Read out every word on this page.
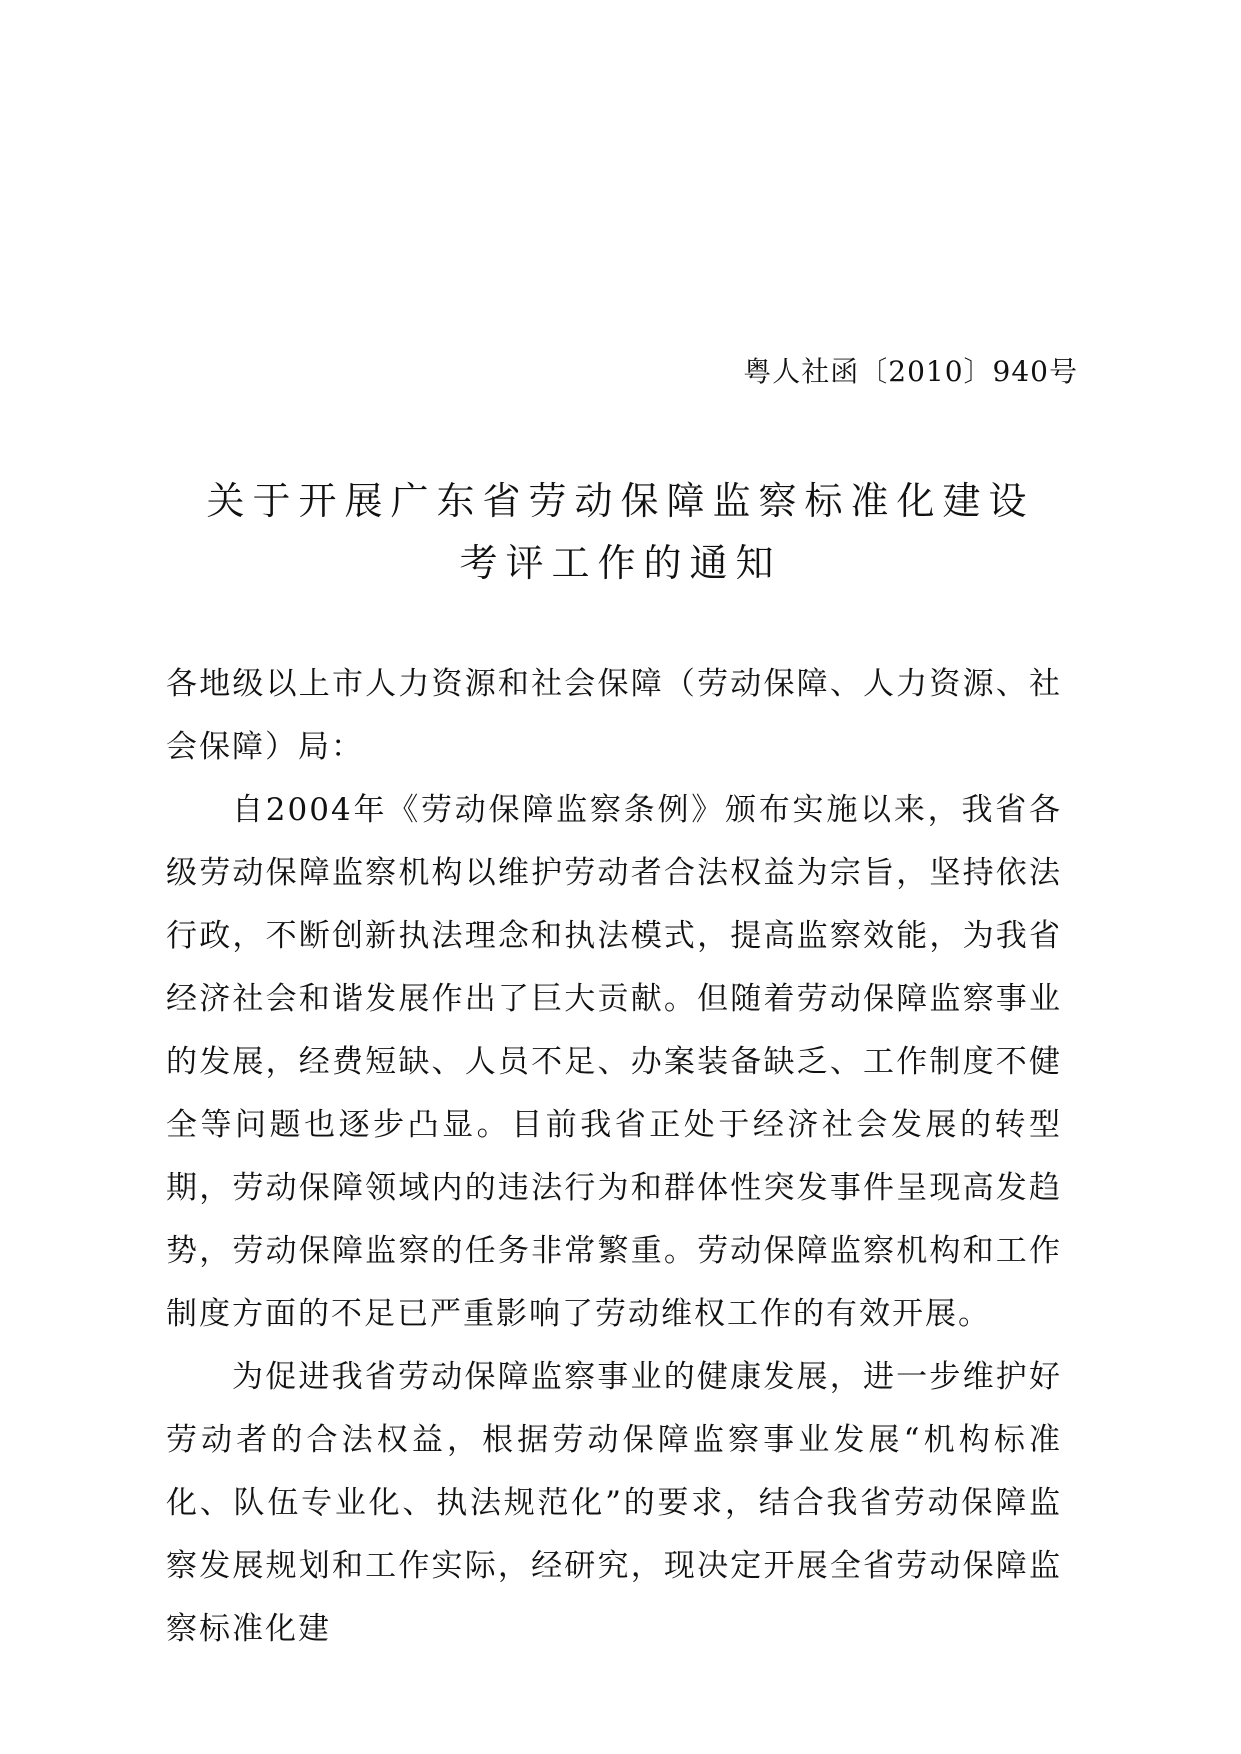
粤人社函〔2010〕940号
关于开展广东省劳动保障监察标准化建设
考评工作的通知

各地级以上市人力资源和社会保障（劳动保障、人力资源、社会保障）局：

自2004年《劳动保障监察条例》颁布实施以来，我省各级劳动保障监察机构以维护劳动者合法权益为宗旨，坚持依法行政，不断创新执法理念和执法模式，提高监察效能，为我省经济社会和谐发展作出了巨大贡献。但随着劳动保障监察事业的发展，经费短缺、人员不足、办案装备缺乏、工作制度不健全等问题也逐步凸显。目前我省正处于经济社会发展的转型期，劳动保障领域内的违法行为和群体性突发事件呈现高发趋势，劳动保障监察的任务非常繁重。劳动保障监察机构和工作制度方面的不足已严重影响了劳动维权工作的有效开展。

为促进我省劳动保障监察事业的健康发展，进一步维护好劳动者的合法权益，根据劳动保障监察事业发展“机构标准化、队伍专业化、执法规范化”的要求，结合我省劳动保障监察发展规划和工作实际，经研究，现决定开展全省劳动保障监察标准化建
